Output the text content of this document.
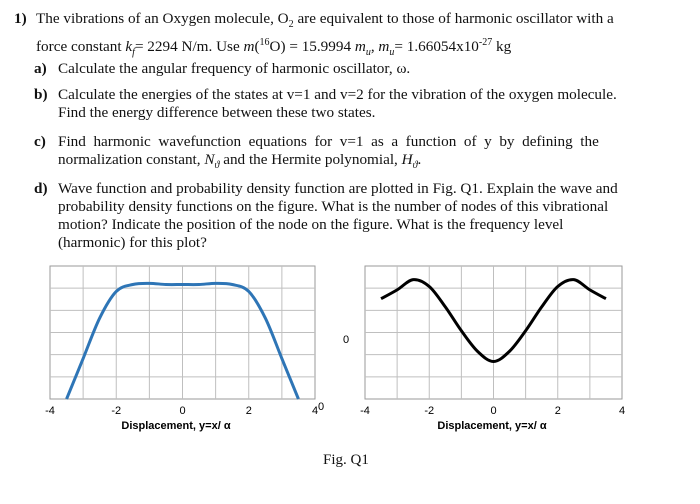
1) The vibrations of an Oxygen molecule, $O_2$ are equivalent to those of harmonic oscillator with a
force constant $k_f= 2294$ N/m. Use m($^{16}$O) = 15.9994 $m_u$, $m_u= 1.66054x10^{-27}$ kg
a) Calculate the angular frequency of harmonic oscillator, ω.
b) Calculate the energies of the states at v=1 and v=2 for the vibration of the oxygen molecule.
Find the energy difference between these two states.
c) Find  harmonic  wavefunction  equations  for  v=1  as  a  function  of  y  by  defining  the
normalization constant, $N_ϑ$ and the Hermite polynomial, $H_ϑ$.
d) Wave function and probability density function are plotted in Fig. Q1. Explain the wave and
probability density functions on the figure. What is the number of nodes of this vibrational
motion? Indicate the position of the node on the figure. What is the frequency level
(harmonic) for this plot?
-4	-2	0	2	4 0
Displacement, y=x/ α
-4	-2	0	2	4
0
Displacement, y=x/ α
Fig. Q1
